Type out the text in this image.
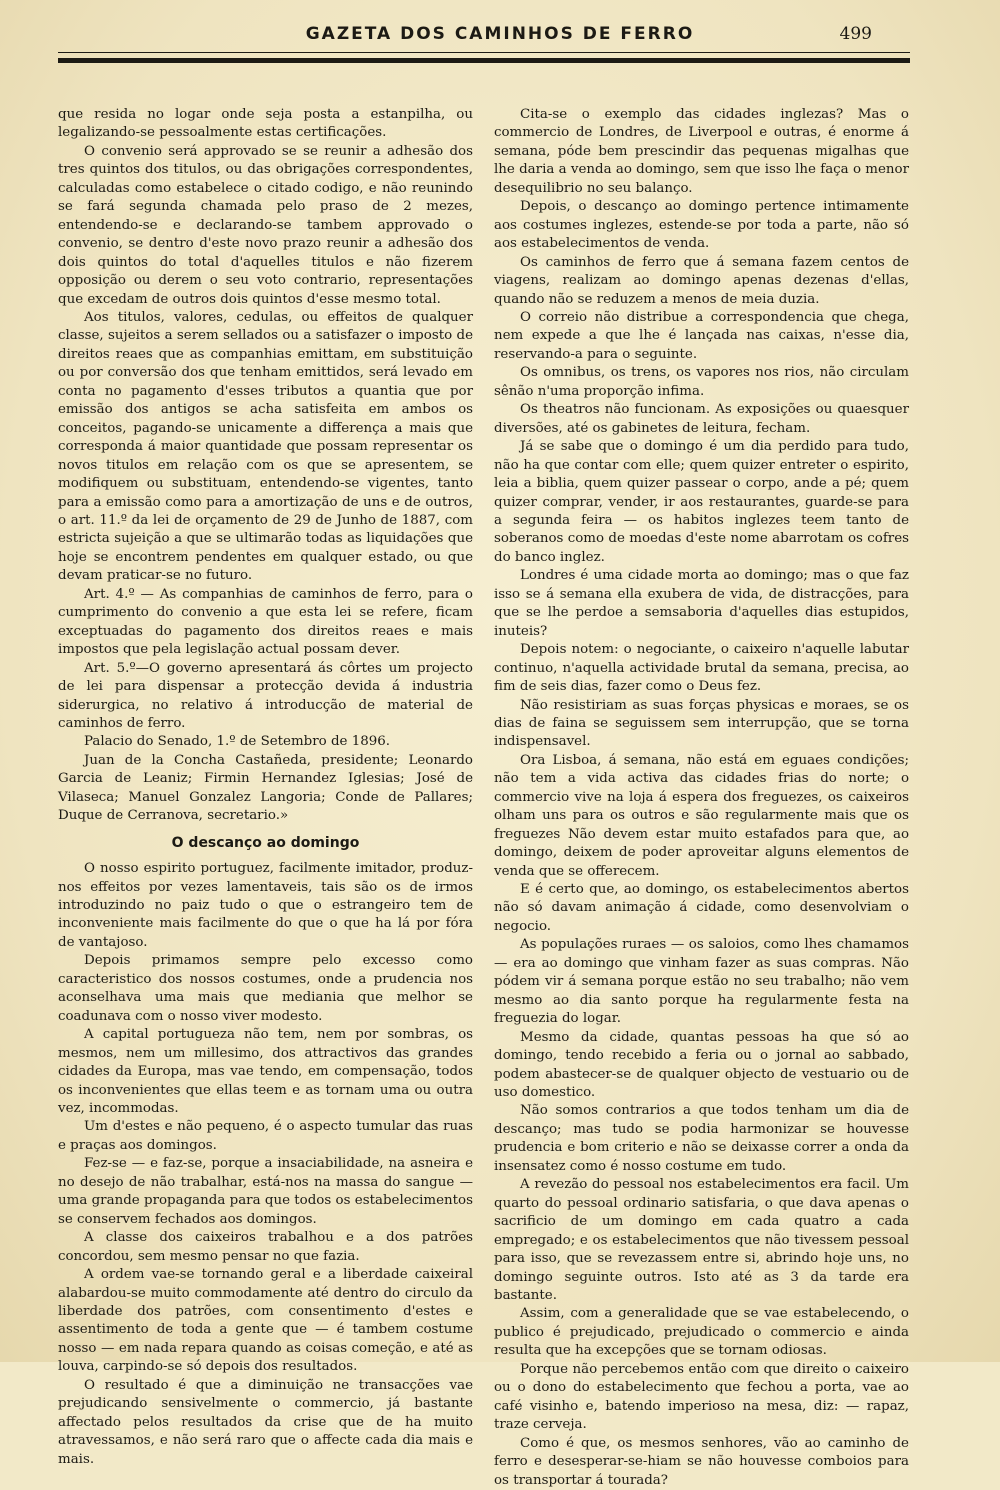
GAZETA DOS CAMINHOS DE FERRO	499

que resida no logar onde seja posta a estanpilha, ou legalizando-se pessoalmente estas certificações.

O convenio será approvado se se reunir a adhesão dos tres quintos dos titulos, ou das obrigações correspondentes, calculadas como estabelece o citado codigo, e não reunindo se fará segunda chamada pelo praso de 2 mezes, entendendo-se e declarando-se tambem approvado o convenio, se dentro d'este novo prazo reunir a adhesão dos dois quintos do total d'aquelles titulos e não fizerem opposição ou derem o seu voto contrario, representações que excedam de outros dois quintos d'esse mesmo total.

Aos titulos, valores, cedulas, ou effeitos de qualquer classe, sujeitos a serem sellados ou a satisfazer o imposto de direitos reaes que as companhias emittam, em substituição ou por conversão dos que tenham emittidos, será levado em conta no pagamento d'esses tributos a quantia que por emissão dos antigos se acha satisfeita em ambos os conceitos, pagando-se unicamente a differença a mais que corresponda á maior quantidade que possam representar os novos titulos em relação com os que se apresentem, se modifiquem ou substituam, entendendo-se vigentes, tanto para a emissão como para a amortização de uns e de outros, o art. 11.º da lei de orçamento de 29 de Junho de 1887, com estricta sujeição a que se ultimarão todas as liquidações que hoje se encontrem pendentes em qualquer estado, ou que devam praticar-se no futuro.

Art. 4.º — As companhias de caminhos de ferro, para o cumprimento do convenio a que esta lei se refere, ficam exceptuadas do pagamento dos direitos reaes e mais impostos que pela legislação actual possam dever.

Art. 5.º—O governo apresentará ás côrtes um projecto de lei para dispensar a protecção devida á industria siderurgica, no relativo á introducção de material de caminhos de ferro.

Palacio do Senado, 1.º de Setembro de 1896.

Juan de la Concha Castañeda, presidente; Leonardo Garcia de Leaniz; Firmin Hernandez Iglesias; José de Vilaseca; Manuel Gonzalez Langoria; Conde de Pallares; Duque de Cerranova, secretario.»

O descanço ao domingo

O nosso espirito portuguez, facilmente imitador, produz-nos effeitos por vezes lamentaveis, tais são os de irmos introduzindo no paiz tudo o que o estrangeiro tem de inconveniente mais facilmente do que o que ha lá por fóra de vantajoso.

Depois primamos sempre pelo excesso como caracteristico dos nossos costumes, onde a prudencia nos aconselhava uma mais que mediania que melhor se coadunava com o nosso viver modesto.

A capital portugueza não tem, nem por sombras, os mesmos, nem um millesimo, dos attractivos das grandes cidades da Europa, mas vae tendo, em compensação, todos os inconvenientes que ellas teem e as tornam uma ou outra vez, incommodas.

Um d'estes e não pequeno, é o aspecto tumular das ruas e praças aos domingos.

Fez-se — e faz-se, porque a insaciabilidade, na asneira e no desejo de não trabalhar, está-nos na massa do sangue — uma grande propaganda para que todos os estabelecimentos se conservem fechados aos domingos.

A classe dos caixeiros trabalhou e a dos patrões concordou, sem mesmo pensar no que fazia.

A ordem vae-se tornando geral e a liberdade caixeiral alabardou-se muito commodamente até dentro do circulo da liberdade dos patrões, com consentimento d'estes e assentimento de toda a gente que — é tambem costume nosso — em nada repara quando as coisas começão, e até as louva, carpindo-se só depois dos resultados.

O resultado é que a diminuição ne transacções vae prejudicando sensivelmente o commercio, já bastante affectado pelos resultados da crise que de ha muito atravessamos, e não será raro que o affecte cada dia mais e mais.

Cita-se o exemplo das cidades inglezas? Mas o commercio de Londres, de Liverpool e outras, é enorme á semana, póde bem prescindir das pequenas migalhas que lhe daria a venda ao domingo, sem que isso lhe faça o menor desequilibrio no seu balanço.

Depois, o descanço ao domingo pertence intimamente aos costumes inglezes, estende-se por toda a parte, não só aos estabelecimentos de venda.

Os caminhos de ferro que á semana fazem centos de viagens, realizam ao domingo apenas dezenas d'ellas, quando não se reduzem a menos de meia duzia.

O correio não distribue a correspondencia que chega, nem expede a que lhe é lançada nas caixas, n'esse dia, reservando-a para o seguinte.

Os omnibus, os trens, os vapores nos rios, não circulam sênão n'uma proporção infima.

Os theatros não funcionam. As exposições ou quaesquer diversões, até os gabinetes de leitura, fecham.

Já se sabe que o domingo é um dia perdido para tudo, não ha que contar com elle; quem quizer entreter o espirito, leia a biblia, quem quizer passear o corpo, ande a pé; quem quizer comprar, vender, ir aos restaurantes, guarde-se para a segunda feira — os habitos inglezes teem tanto de soberanos como de moedas d'este nome abarrotam os cofres do banco inglez.

Londres é uma cidade morta ao domingo; mas o que faz isso se á semana ella exubera de vida, de distracções, para que se lhe perdoe a semsaboria d'aquelles dias estupidos, inuteis?

Depois notem: o negociante, o caixeiro n'aquelle labutar continuo, n'aquella actividade brutal da semana, precisa, ao fim de seis dias, fazer como o Deus fez.

Não resistiriam as suas forças physicas e moraes, se os dias de faina se seguissem sem interrupção, que se torna indispensavel.

Ora Lisboa, á semana, não está em eguaes condições; não tem a vida activa das cidades frias do norte; o commercio vive na loja á espera dos freguezes, os caixeiros olham uns para os outros e são regularmente mais que os freguezes Não devem estar muito estafados para que, ao domingo, deixem de poder aproveitar alguns elementos de venda que se offerecem.

E é certo que, ao domingo, os estabelecimentos abertos não só davam animação á cidade, como desenvolviam o negocio.

As populações ruraes — os saloios, como lhes chamamos — era ao domingo que vinham fazer as suas compras. Não pódem vir á semana porque estão no seu trabalho; não vem mesmo ao dia santo porque ha regularmente festa na freguezia do logar.

Mesmo da cidade, quantas pessoas ha que só ao domingo, tendo recebido a feria ou o jornal ao sabbado, podem abastecer-se de qualquer objecto de vestuario ou de uso domestico.

Não somos contrarios a que todos tenham um dia de descanço; mas tudo se podia harmonizar se houvesse prudencia e bom criterio e não se deixasse correr a onda da insensatez como é nosso costume em tudo.

A revezão do pessoal nos estabelecimentos era facil. Um quarto do pessoal ordinario satisfaria, o que dava apenas o sacrificio de um domingo em cada quatro a cada empregado; e os estabelecimentos que não tivessem pessoal para isso, que se revezassem entre si, abrindo hoje uns, no domingo seguinte outros. Isto até as 3 da tarde era bastante.

Assim, com a generalidade que se vae estabelecendo, o publico é prejudicado, prejudicado o commercio e ainda resulta que ha excepções que se tornam odiosas.

Porque não percebemos então com que direito o caixeiro ou o dono do estabelecimento que fechou a porta, vae ao café visinho e, batendo imperioso na mesa, diz: — rapaz, traze cerveja.

Como é que, os mesmos senhores, vão ao caminho de ferro e desesperar-se-hiam se não houvesse comboios para os transportar á tourada?
